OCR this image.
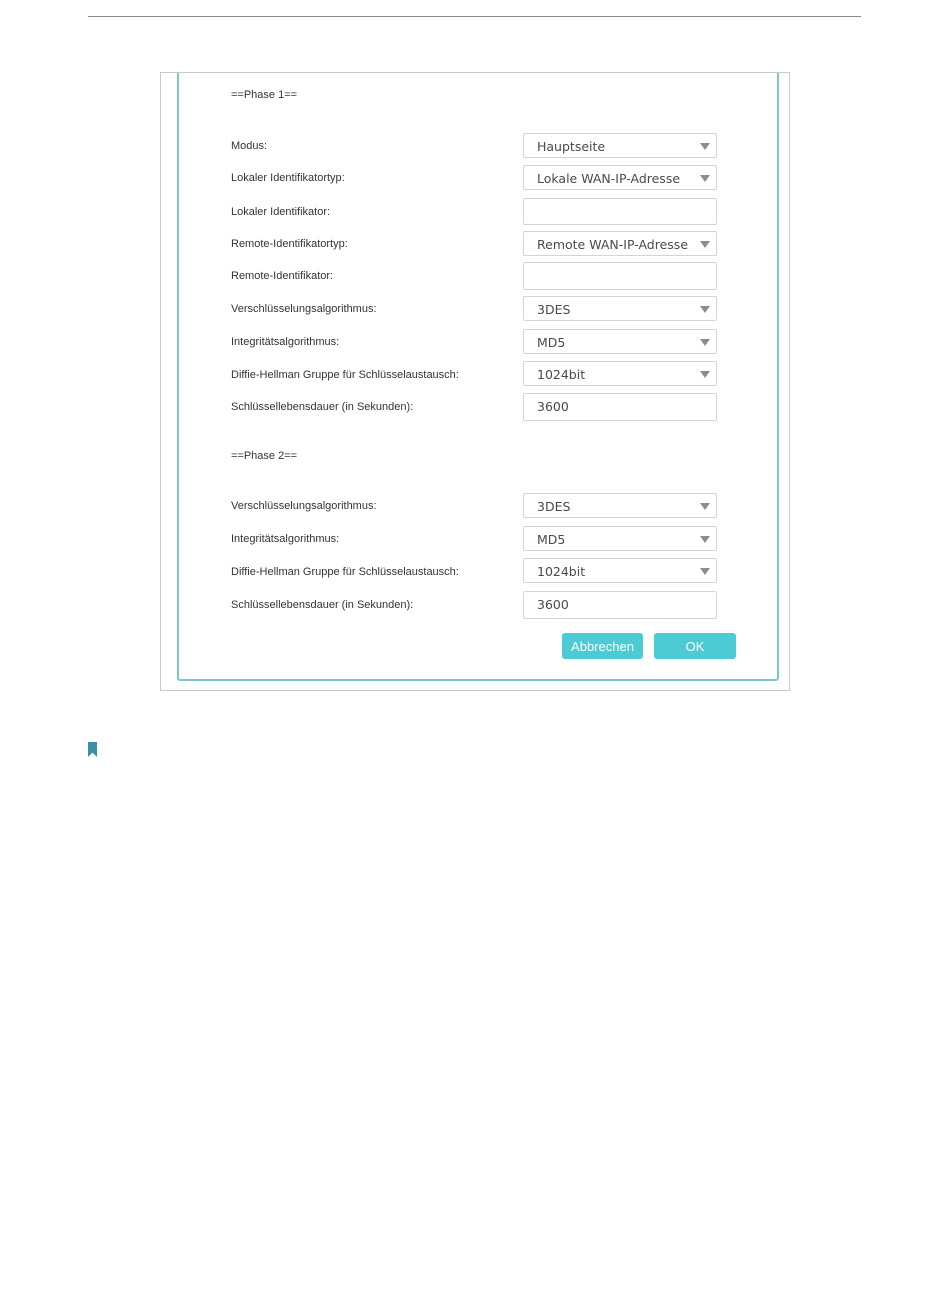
==Phase 1==
Modus:	Hauptseite
Lokaler Identifikatortyp:	Lokale WAN-IP-Adresse
Lokaler Identifikator:
Remote-Identifikatortyp:	Remote WAN-IP-Adresse
Remote-Identifikator:
Verschlüsselungsalgorithmus:	3DES
Integritätsalgorithmus:	MD5
Diffie-Hellman Gruppe für Schlüsselaustausch:	1024bit
Schlüssellebensdauer (in Sekunden):	3600
==Phase 2==
Verschlüsselungsalgorithmus:	3DES
Integritätsalgorithmus:	MD5
Diffie-Hellman Gruppe für Schlüsselaustausch:	1024bit
Schlüssellebensdauer (in Sekunden):	3600
Abbrechen	OK
